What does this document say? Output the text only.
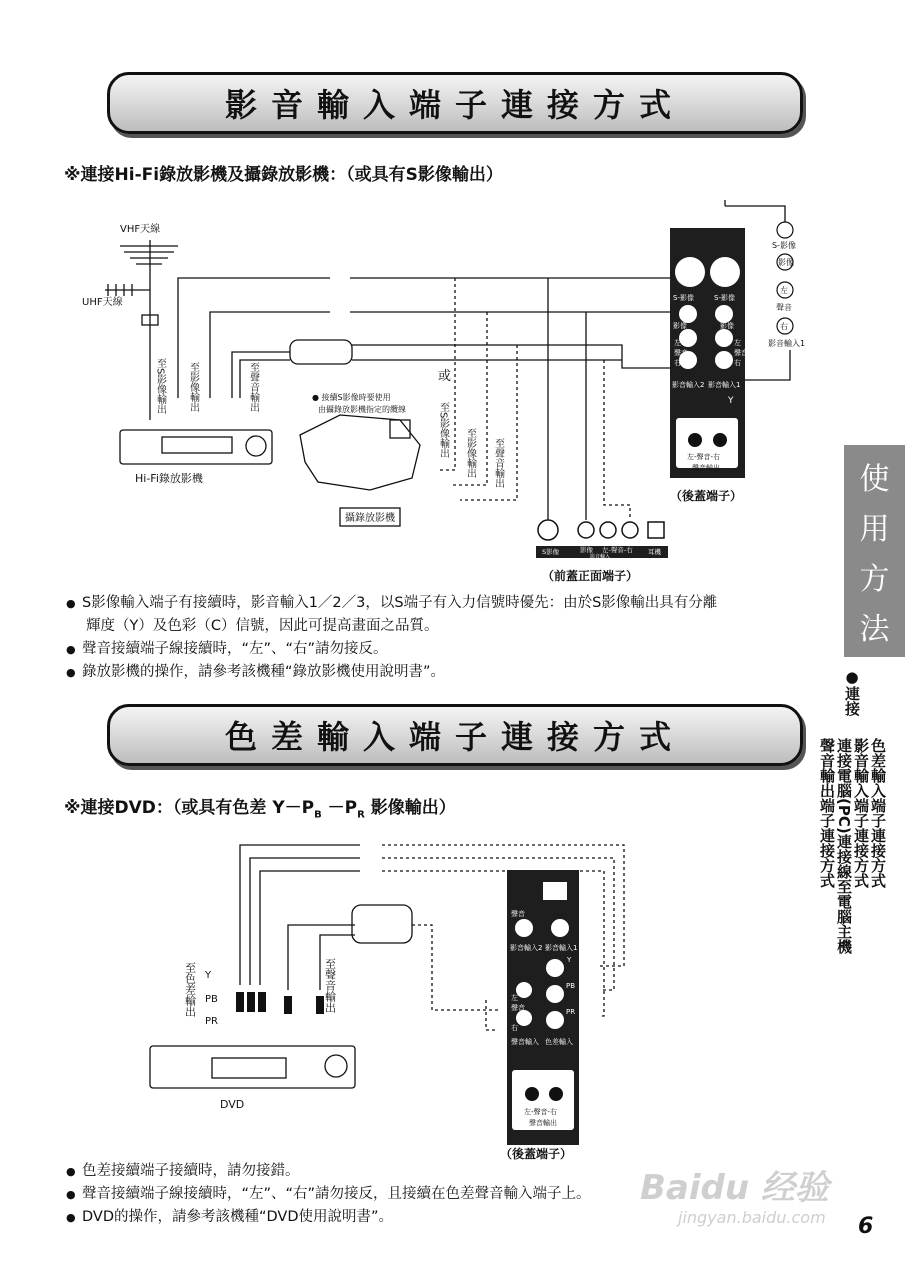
影音輸入端子連接方式
※連接Hi-Fi錄放影機及攝錄放影機：（或具有S影像輸出）
S-影像	S-影像
影像	影像
左
聲音
右
左
聲音
右
影音輸入2 影音輸入1
Y
左-聲音-右
聲音輸出
S影像	影像 左-聲音-右
影音輸入
耳機
S-影像
影像
左
聲音
右
影音輸入1
VHF天線
UHF天線
或
● 接續S影像時要使用
由攝錄放影機指定的纜線
Hi-Fi錄放影機
攝錄放影機
（後蓋端子）
（前蓋正面端子）
至S影像輸出 至影像輸出	至聲音輸出
至S影像輸出 至影像輸出 至聲音輸出
● S影像輸入端子有接續時，影音輸入1／2／3，以S端子有入力信號時優先：由於S影像輸出具有分離
輝度（Y）及色彩（C）信號，因此可提高畫面之品質。
● 聲音接續端子線接續時，“左”、“右”請勿接反。
● 錄放影機的操作，請參考該機種“錄放影機使用說明書”。
色差輸入端子連接方式
※連接DVD：（或具有色差 $Y-P_B -P_R$ 影像輸出）
聲音
影音輸入2 影音輸入1
Y
PB
PR
左
聲音
右
聲音輸入 色差輸入
左-聲音-右
聲音輸出
DVD
（後蓋端子）
Y
PB
PR
至色差輸出	至聲音輸出
● 色差接續端子接續時，請勿接錯。
● 聲音接續端子線接續時，“左”、“右”請勿接反，且接續在色差聲音輸入端子上。
● DVD的操作，請參考該機種“DVD使用說明書”。
使
用
方
法
●連接
色差輸入端子連接方式
影音輸入端子連接方式
連接電腦(PC)連接線至電腦主機
聲音輸出端子連接方式
Baidu 经验
jingyan.baidu.com 6
